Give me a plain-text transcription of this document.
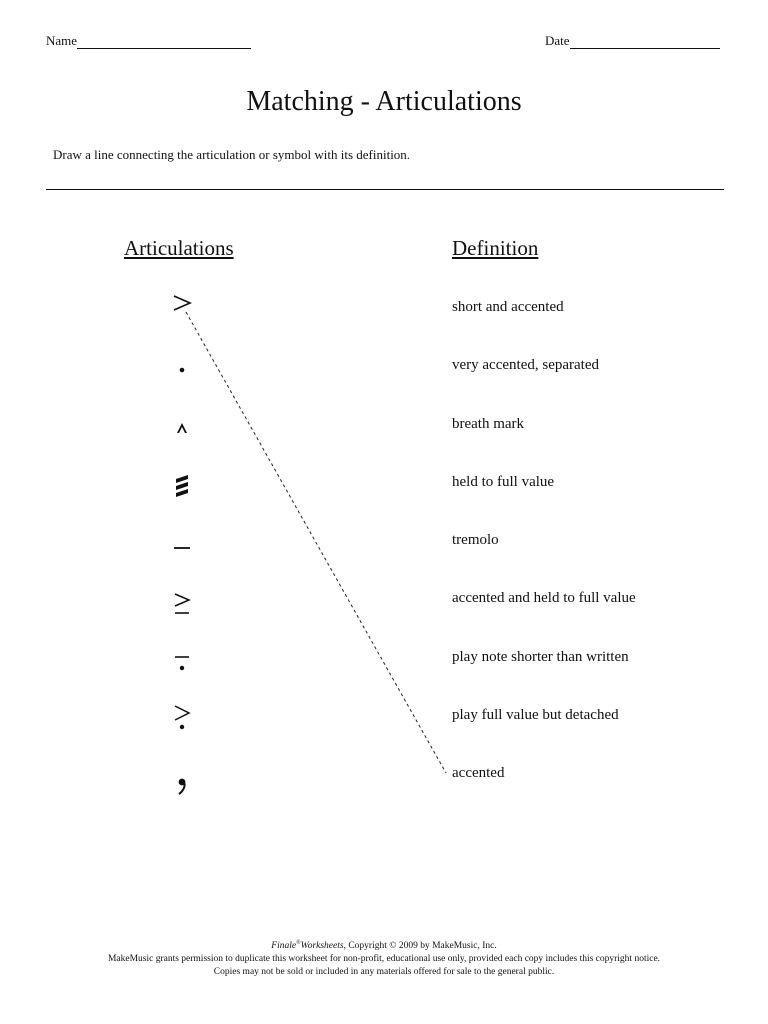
Name	Date
Matching - Articulations
Draw a line connecting the articulation or symbol with its definition.
Articulations	Definition
short and accented
very accented, separated
breath mark
held to full value
tremolo
accented and held to full value
play note shorter than written
play full value but detached
accented
Finale®Worksheets, Copyright © 2009 by MakeMusic, Inc.
MakeMusic grants permission to duplicate this worksheet for non-profit, educational use only, provided each copy includes this copyright notice.
Copies may not be sold or included in any materials offered for sale to the general public.
